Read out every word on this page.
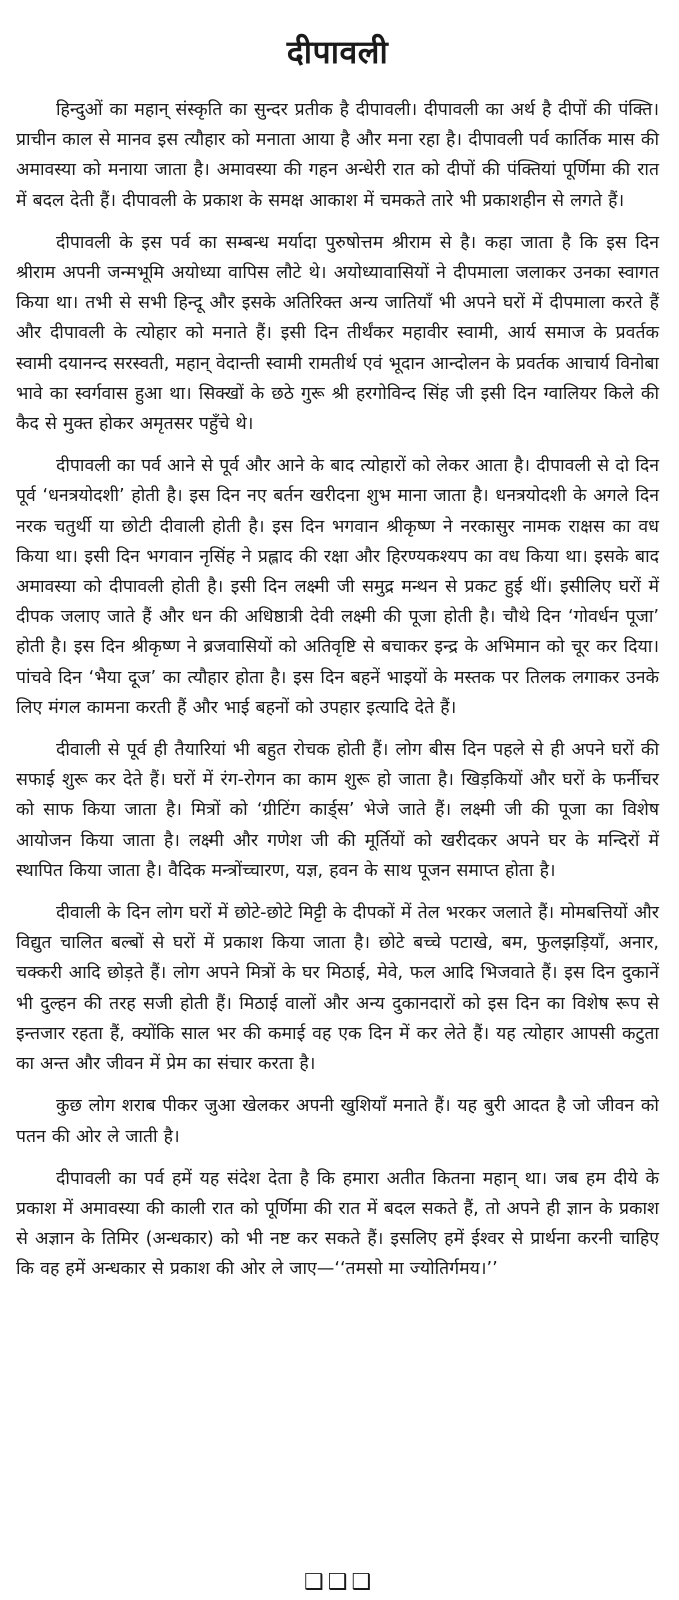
दीपावली

हिन्दुओं का महान् संस्कृति का सुन्दर प्रतीक है दीपावली। दीपावली का अर्थ है दीपों की पंक्ति। प्राचीन काल से मानव इस त्यौहार को मनाता आया है और मना रहा है। दीपावली पर्व कार्तिक मास की अमावस्या को मनाया जाता है। अमावस्या की गहन अन्धेरी रात को दीपों की पंक्तियां पूर्णिमा की रात में बदल देती हैं। दीपावली के प्रकाश के समक्ष आकाश में चमकते तारे भी प्रकाशहीन से लगते हैं।

दीपावली के इस पर्व का सम्बन्ध मर्यादा पुरुषोत्तम श्रीराम से है। कहा जाता है कि इस दिन श्रीराम अपनी जन्मभूमि अयोध्या वापिस लौटे थे। अयोध्यावासियों ने दीपमाला जलाकर उनका स्वागत किया था। तभी से सभी हिन्दू और इसके अतिरिक्त अन्य जातियाँ भी अपने घरों में दीपमाला करते हैं और दीपावली के त्योहार को मनाते हैं। इसी दिन तीर्थंकर महावीर स्वामी, आर्य समाज के प्रवर्तक स्वामी दयानन्द सरस्वती, महान् वेदान्ती स्वामी रामतीर्थ एवं भूदान आन्दोलन के प्रवर्तक आचार्य विनोबा भावे का स्वर्गवास हुआ था। सिक्खों के छठे गुरू श्री हरगोविन्द सिंह जी इसी दिन ग्वालियर किले की कैद से मुक्त होकर अमृतसर पहुँचे थे।

दीपावली का पर्व आने से पूर्व और आने के बाद त्योहारों को लेकर आता है। दीपावली से दो दिन पूर्व ‘धनत्रयोदशी’ होती है। इस दिन नए बर्तन खरीदना शुभ माना जाता है। धनत्रयोदशी के अगले दिन नरक चतुर्थी या छोटी दीवाली होती है। इस दिन भगवान श्रीकृष्ण ने नरकासुर नामक राक्षस का वध किया था। इसी दिन भगवान नृसिंह ने प्रह्लाद की रक्षा और हिरण्यकश्यप का वध किया था। इसके बाद अमावस्या को दीपावली होती है। इसी दिन लक्ष्मी जी समुद्र मन्थन से प्रकट हुई थीं। इसीलिए घरों में दीपक जलाए जाते हैं और धन की अधिष्ठात्री देवी लक्ष्मी की पूजा होती है। चौथे दिन ‘गोवर्धन पूजा’ होती है। इस दिन श्रीकृष्ण ने ब्रजवासियों को अतिवृष्टि से बचाकर इन्द्र के अभिमान को चूर कर दिया। पांचवे दिन ‘भैया दूज’ का त्यौहार होता है। इस दिन बहनें भाइयों के मस्तक पर तिलक लगाकर उनके लिए मंगल कामना करती हैं और भाई बहनों को उपहार इत्यादि देते हैं।

दीवाली से पूर्व ही तैयारियां भी बहुत रोचक होती हैं। लोग बीस दिन पहले से ही अपने घरों की सफाई शुरू कर देते हैं। घरों में रंग-रोगन का काम शुरू हो जाता है। खिड़कियों और घरों के फर्नीचर को साफ किया जाता है। मित्रों को ‘ग्रीटिंग कार्ड्स’ भेजे जाते हैं। लक्ष्मी जी की पूजा का विशेष आयोजन किया जाता है। लक्ष्मी और गणेश जी की मूर्तियों को खरीदकर अपने घर के मन्दिरों में स्थापित किया जाता है। वैदिक मन्त्रोंच्चारण, यज्ञ, हवन के साथ पूजन समाप्त होता है।

दीवाली के दिन लोग घरों में छोटे-छोटे मिट्टी के दीपकों में तेल भरकर जलाते हैं। मोमबत्तियों और विद्युत चालित बल्बों से घरों में प्रकाश किया जाता है। छोटे बच्चे पटाखे, बम, फुलझड़ियाँ, अनार, चक्करी आदि छोड़ते हैं। लोग अपने मित्रों के घर मिठाई, मेवे, फल आदि भिजवाते हैं। इस दिन दुकानें भी दुल्हन की तरह सजी होती हैं। मिठाई वालों और अन्य दुकानदारों को इस दिन का विशेष रूप से इन्तजार रहता हैं, क्योंकि साल भर की कमाई वह एक दिन में कर लेते हैं। यह त्योहार आपसी कटुता का अन्त और जीवन में प्रेम का संचार करता है।

कुछ लोग शराब पीकर जुआ खेलकर अपनी खुशियाँ मनाते हैं। यह बुरी आदत है जो जीवन को पतन की ओर ले जाती है।

दीपावली का पर्व हमें यह संदेश देता है कि हमारा अतीत कितना महान् था। जब हम दीये के प्रकाश में अमावस्या की काली रात को पूर्णिमा की रात में बदल सकते हैं, तो अपने ही ज्ञान के प्रकाश से अज्ञान के तिमिर (अन्धकार) को भी नष्ट कर सकते हैं। इसलिए हमें ईश्वर से प्रार्थना करनी चाहिए कि वह हमें अन्धकार से प्रकाश की ओर ले जाए—‘‘तमसो मा ज्योतिर्गमय।’’

❑❑❑
